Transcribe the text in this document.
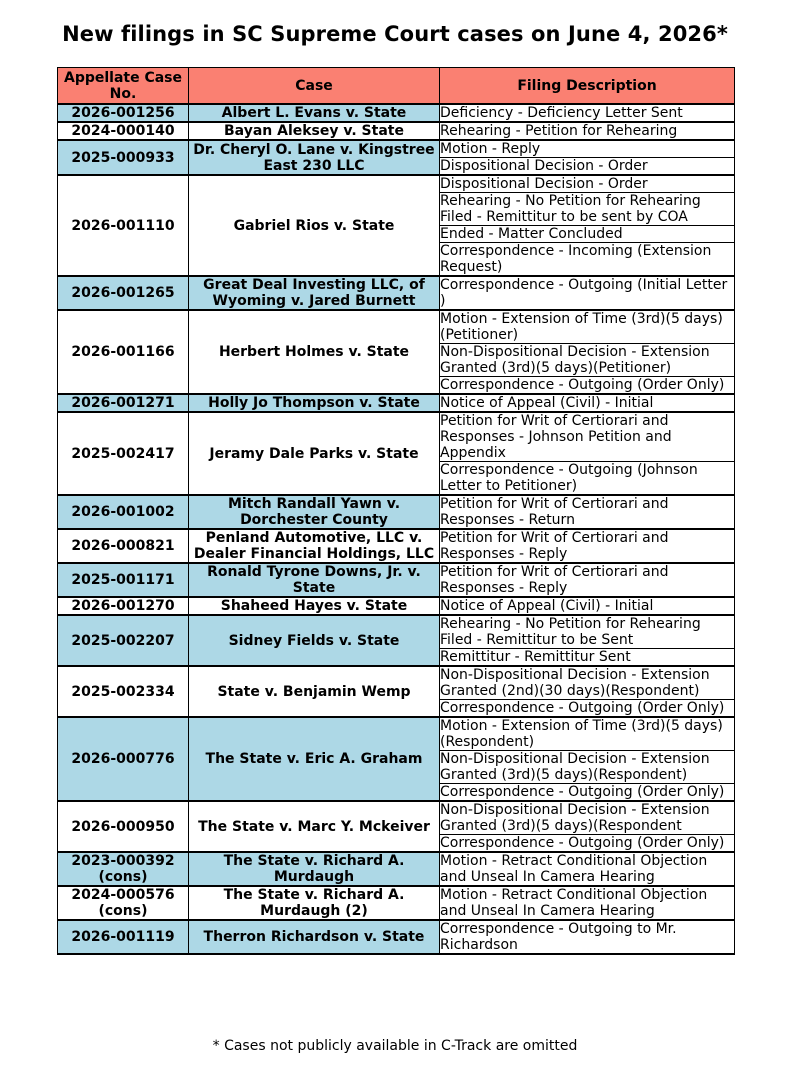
New filings in SC Supreme Court cases on June 4, 2026*
Appellate Case No.	Case	Filing Description
2026-001256	Albert L. Evans v. State	Deficiency - Deficiency Letter Sent
2024-000140	Bayan Aleksey v. State	Rehearing - Petition for Rehearing
2025-000933	Dr. Cheryl O. Lane v. Kingstree East 230 LLC	Motion - Reply
		Dispositional Decision - Order
2026-001110	Gabriel Rios v. State	Dispositional Decision - Order
		Rehearing - No Petition for Rehearing Filed - Remittitur to be sent by COA
		Ended - Matter Concluded
		Correspondence - Incoming (Extension Request)
2026-001265	Great Deal Investing LLC, of Wyoming v. Jared Burnett	Correspondence - Outgoing (Initial Letter )
2026-001166	Herbert Holmes v. State	Motion - Extension of Time (3rd)(5 days)(Petitioner)
		Non-Dispositional Decision - Extension Granted (3rd)(5 days)(Petitioner)
		Correspondence - Outgoing (Order Only)
2026-001271	Holly Jo Thompson v. State	Notice of Appeal (Civil) - Initial
2025-002417	Jeramy Dale Parks v. State	Petition for Writ of Certiorari and Responses - Johnson Petition and Appendix
		Correspondence - Outgoing (Johnson Letter to Petitioner)
2026-001002	Mitch Randall Yawn v. Dorchester County	Petition for Writ of Certiorari and Responses - Return
2026-000821	Penland Automotive, LLC v. Dealer Financial Holdings, LLC	Petition for Writ of Certiorari and Responses - Reply
2025-001171	Ronald Tyrone Downs, Jr. v. State	Petition for Writ of Certiorari and Responses - Reply
2026-001270	Shaheed Hayes v. State	Notice of Appeal (Civil) - Initial
2025-002207	Sidney Fields v. State	Rehearing - No Petition for Rehearing Filed - Remittitur to be Sent
		Remittitur - Remittitur Sent
2025-002334	State v. Benjamin Wemp	Non-Dispositional Decision - Extension Granted (2nd)(30 days)(Respondent)
		Correspondence - Outgoing (Order Only)
2026-000776	The State v. Eric A. Graham	Motion - Extension of Time (3rd)(5 days)(Respondent)
		Non-Dispositional Decision - Extension Granted (3rd)(5 days)(Respondent)
		Correspondence - Outgoing (Order Only)
2026-000950	The State v. Marc Y. Mckeiver	Non-Dispositional Decision - Extension Granted (3rd)(5 days)(Respondent
		Correspondence - Outgoing (Order Only)
2023-000392 (cons)	The State v. Richard A. Murdaugh	Motion - Retract Conditional Objection and Unseal In Camera Hearing
2024-000576 (cons)	The State v. Richard A. Murdaugh (2)	Motion - Retract Conditional Objection and Unseal In Camera Hearing
2026-001119	Therron Richardson v. State	Correspondence - Outgoing to Mr. Richardson
* Cases not publicly available in C-Track are omitted
